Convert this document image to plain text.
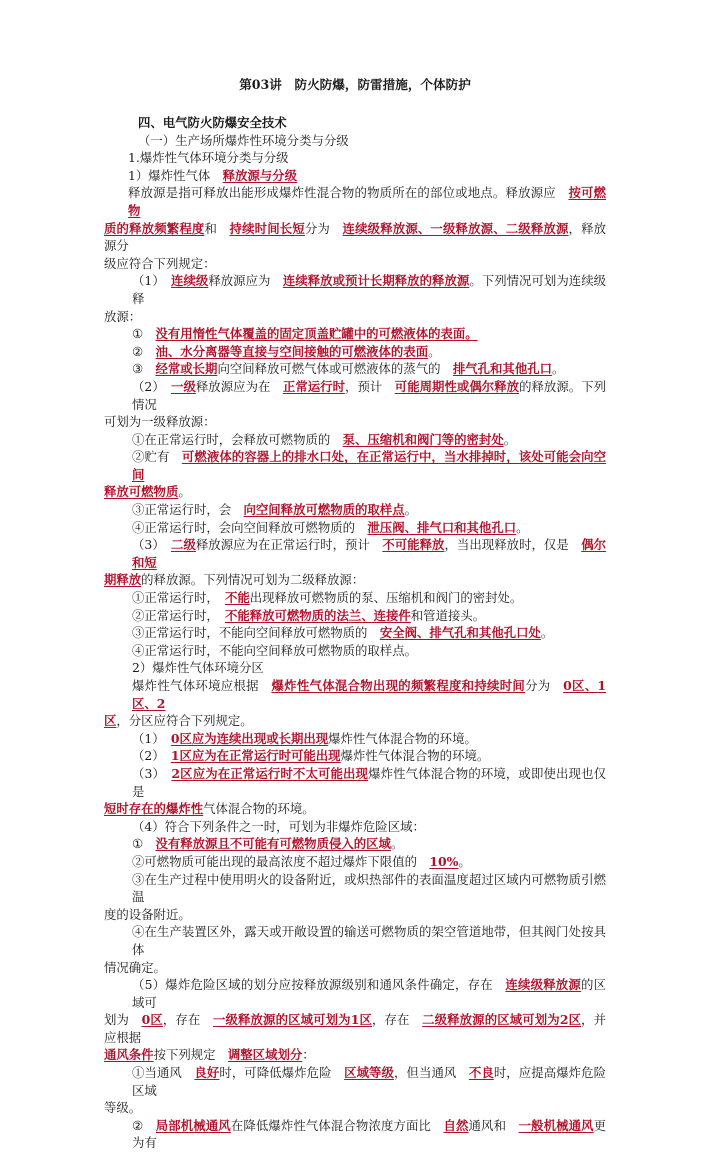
第03讲　防火防爆，防雷措施，个体防护

四、电气防火防爆安全技术

（一）生产场所爆炸性环境分类与分级

1.爆炸性气体环境分类与分级

1）爆炸性气体　释放源与分级

释放源是指可释放出能形成爆炸性混合物的物质所在的部位或地点。释放源应　按可燃物

质的释放频繁程度和　持续时间长短分为　连续级释放源、一级释放源、二级释放源，释放源分

级应符合下列规定：

（1）　连续级释放源应为　连续释放或预计长期释放的释放源。下列情况可划为连续级释

放源：

①　没有用惰性气体覆盖的固定顶盖贮罐中的可燃液体的表面。

②　油、水分离器等直接与空间接触的可燃液体的表面。

③　经常或长期向空间释放可燃气体或可燃液体的蒸气的　排气孔和其他孔口。

（2）　一级释放源应为在　正常运行时，预计　可能周期性或偶尔释放的释放源。下列情况

可划为一级释放源：

①在正常运行时，会释放可燃物质的　泵、压缩机和阀门等的密封处。

②贮有　可燃液体的容器上的排水口处，在正常运行中，当水排掉时，该处可能会向空间

释放可燃物质。

③正常运行时，会　向空间释放可燃物质的取样点。

④正常运行时，会向空间释放可燃物质的　泄压阀、排气口和其他孔口。

（3）　二级释放源应为在正常运行时，预计　不可能释放，当出现释放时，仅是　偶尔和短

期释放的释放源。下列情况可划为二级释放源：

①正常运行时，　不能出现释放可燃物质的泵、压缩机和阀门的密封处。

②正常运行时，　不能释放可燃物质的法兰、连接件和管道接头。

③正常运行时，不能向空间释放可燃物质的　安全阀、排气孔和其他孔口处。

④正常运行时，不能向空间释放可燃物质的取样点。

2）爆炸性气体环境分区

爆炸性气体环境应根据　爆炸性气体混合物出现的频繁程度和持续时间分为　0区、1区、2

区，分区应符合下列规定。

（1）　0区应为连续出现或长期出现爆炸性气体混合物的环境。

（2）　1区应为在正常运行时可能出现爆炸性气体混合物的环境。

（3）　2区应为在正常运行时不太可能出现爆炸性气体混合物的环境，或即使出现也仅是

短时存在的爆炸性气体混合物的环境。

（4）符合下列条件之一时，可划为非爆炸危险区域：

①　没有释放源且不可能有可燃物质侵入的区域。

②可燃物质可能出现的最高浓度不超过爆炸下限值的　10%。

③在生产过程中使用明火的设备附近，或炽热部件的表面温度超过区域内可燃物质引燃温

度的设备附近。

④在生产装置区外，露天或开敞设置的输送可燃物质的架空管道地带，但其阀门处按具体

情况确定。

（5）爆炸危险区域的划分应按释放源级别和通风条件确定，存在　连续级释放源的区域可

划为　0区，存在　一级释放源的区域可划为1区，存在　二级释放源的区域可划为2区，并应根据

通风条件按下列规定　调整区域划分：

①当通风　良好时，可降低爆炸危险　区域等级，但当通风　不良时，应提高爆炸危险区域

等级。

②　局部机械通风在降低爆炸性气体混合物浓度方面比　自然通风和　一般机械通风更为有
